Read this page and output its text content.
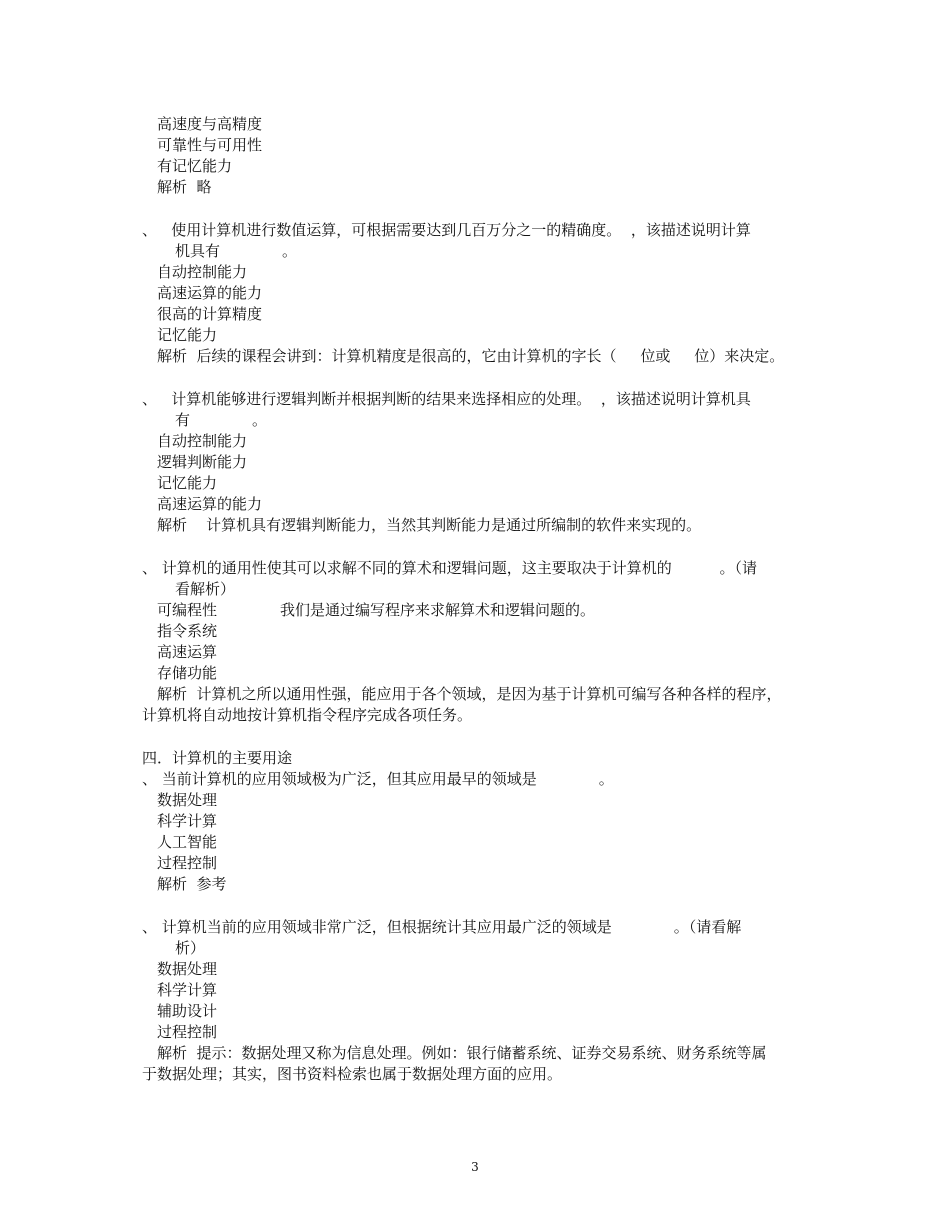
高速度与高精度
可靠性与可用性
有记忆能力
解析  略
、   使用计算机进行数值运算，可根据需要达到几百万分之一的精确度。  ，该描述说明计算
机具有             。
自动控制能力
高速运算的能力
很高的计算精度
记忆能力
解析  后续的课程会讲到：计算机精度是很高的，它由计算机的字长（     位或     位）来决定。
、   计算机能够进行逻辑判断并根据判断的结果来选择相应的处理。  ，该描述说明计算机具
有             。
自动控制能力
逻辑判断能力
记忆能力
高速运算的能力
解析    计算机具有逻辑判断能力，当然其判断能力是通过所编制的软件来实现的。
、 计算机的通用性使其可以求解不同的算术和逻辑问题，这主要取决于计算机的          。（请
看解析）
可编程性	我们是通过编写程序来求解算术和逻辑问题的。
指令系统
高速运算
存储功能
解析  计算机之所以通用性强，能应用于各个领域，是因为基于计算机可编写各种各样的程序，
计算机将自动地按计算机指令程序完成各项任务。
四．计算机的主要用途
、 当前计算机的应用领域极为广泛，但其应用最早的领域是             。
数据处理
科学计算
人工智能
过程控制
解析  参考
、 计算机当前的应用领域非常广泛，但根据统计其应用最广泛的领域是             。（请看解
析）
数据处理
科学计算
辅助设计
过程控制
解析  提示：数据处理又称为信息处理。例如：银行储蓄系统、证券交易系统、财务系统等属
于数据处理；其实，图书资料检索也属于数据处理方面的应用。
3
